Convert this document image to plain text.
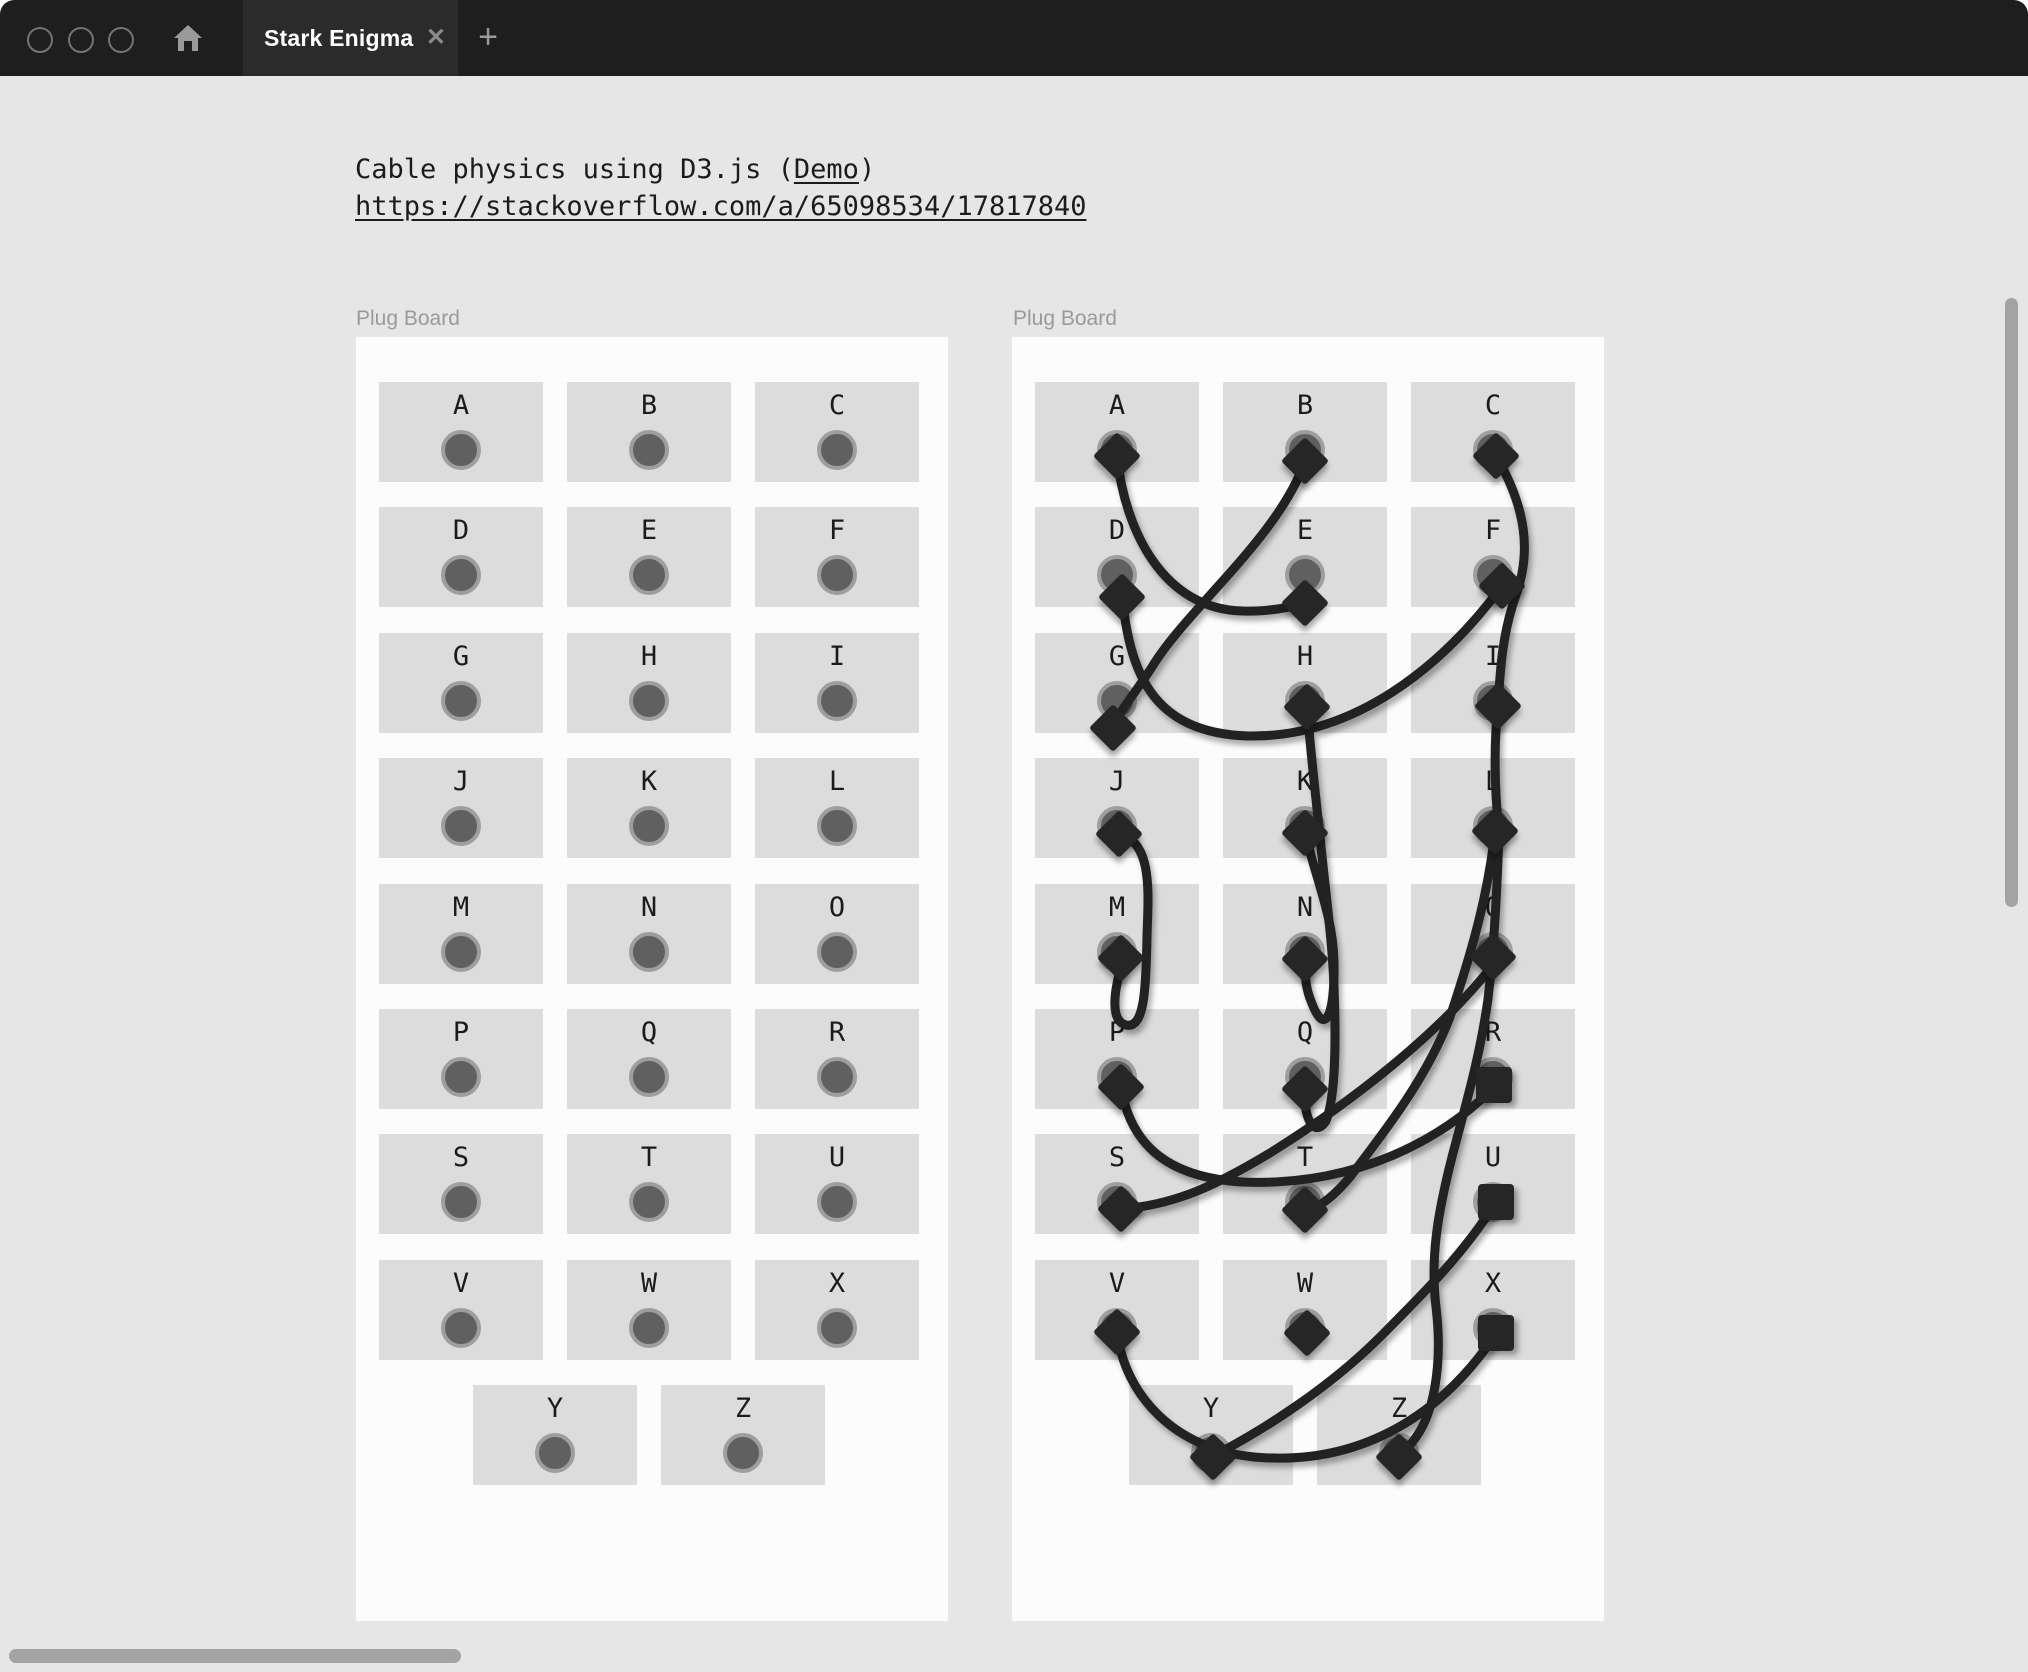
Stark Enigma ✕ +
Cable physics using D3.js (Demo)
https://stackoverflow.com/a/65098534/17817840
Plug Board	Plug Board
A	B	C
D	E	F
G	H	I
J	K	L
M	N	O
P	Q	R
S	T	U
V	W	X
Y	Z
A	B	C
D	E	F
G	H	I
J	K	L
M	N	O
P	Q	R
S	T	U
V	W	X
Y	Z
